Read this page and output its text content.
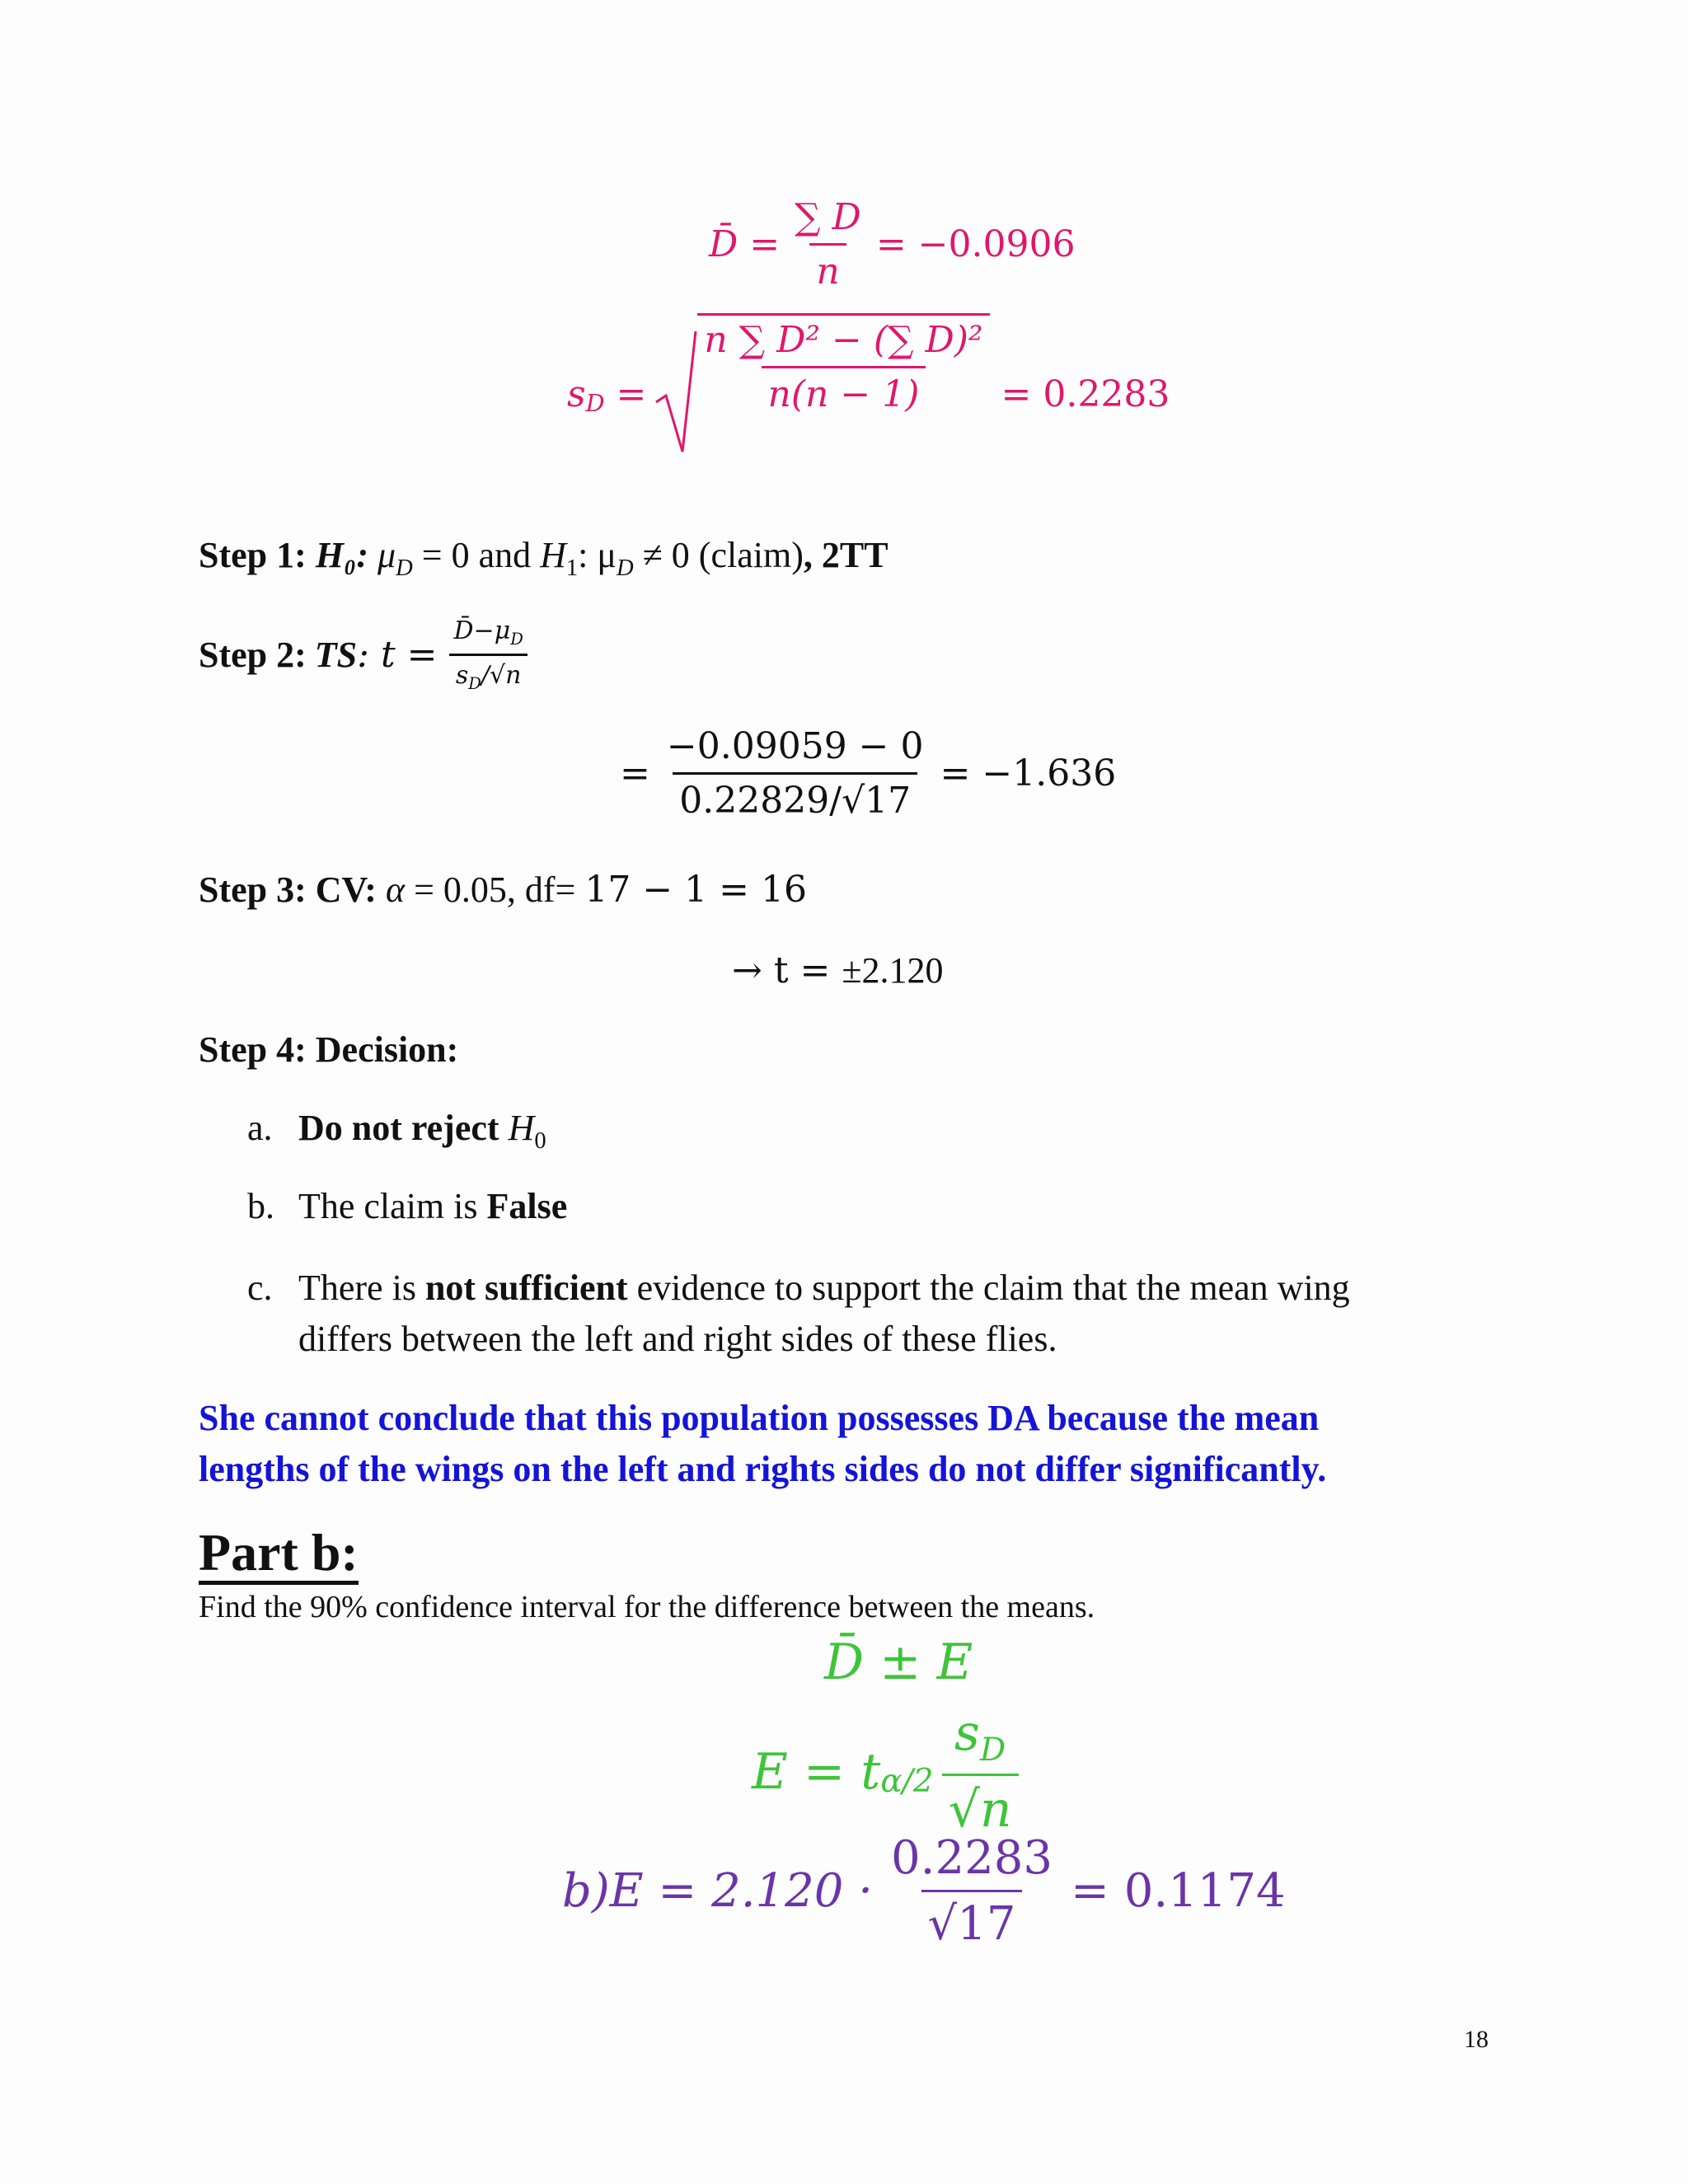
D̄ = $\frac{\sum D}{n} = -0.0906$
$s_D = \frac{\text{n ∑ D² − (∑ D)²}}{n(n - 1)} = 0.2283$
Step 1: H₀: $\mu_D = 0$ and $H_1$: $\mu_D \ne 0$ (claim), 2TT
Step 2: TS : $t = \frac{D̄-\mu_D}{s_D/√n}$
= $\frac{-0.09059 - 0}{0.22829/√17} = -1.636$
Step 3: CV: α = 0.05, df= 17 − 1 = 16
→ t = ±2.120
Step 4: Decision:
a. Do not reject $H_0$
b. The claim is False
c. There is not sufficient evidence to support the claim that the mean wing
differs between the left and right sides of these flies.
She cannot conclude that this population possesses DA because the mean
lengths of the wings on the left and rights sides do not differ significantly.
Part b:
Find the 90% confidence interval for the difference between the means.
D̄ ± E
$E = t_{\alpha/2} \frac{s_D}{√n}$
$b)E = 2.120 \cdot \frac{0.2283}{√17} = 0.1174$
18
